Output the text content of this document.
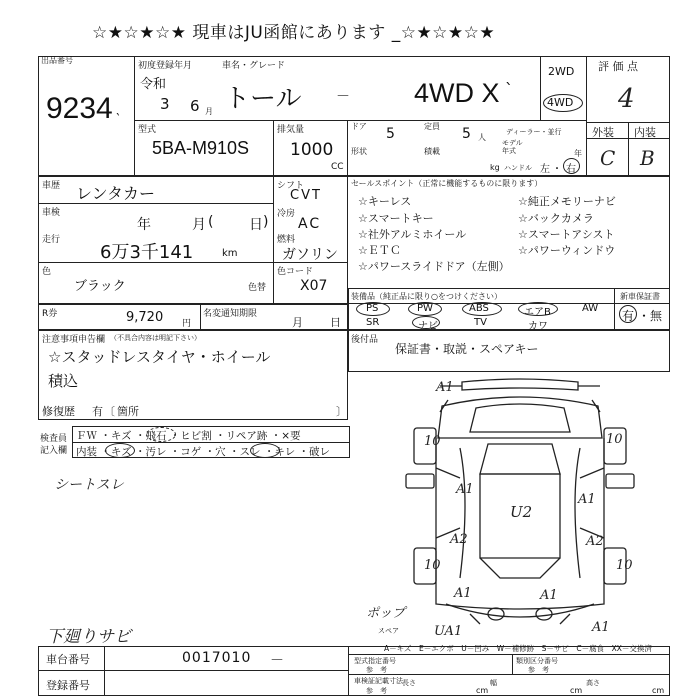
☆★☆★☆★ 現車はJU函館にあります _☆★☆★☆★
出品番号
9234 ˋ
初度登録年月
令和
3 6 月
車名・グレード
トール － 4WD X ˋ
2WD
4WD
評 価 点
4
外装 内装
C B
型式
5BA-M910S
排気量
1000
CC
ドア 5	定員 5 人
ディーラー・並行
モデル年式	年
形状	積載
kg ハンドル 左 ・ 右
車歴 レンタカー
車検
年	月 (	日 )
走行
6万3千141	km
シフト
CVT
冷房
AC
燃料
ガソリン
色
ブラック	色替
色コード
X07
セールスポイント（正常に機能するものに限ります）
☆キーレス	☆純正メモリーナビ
☆スマートキー	☆バックカメラ
☆社外アルミホイール	☆スマートアシスト
☆ＥＴＣ	☆パワーウィンドウ
☆パワースライドドア（左側）
R券	9,720 円
名変通知期限
月 日
装備品（純正品に限り○をつけください）
PS	PW	ABS	エアB	AW
SR	ナビ	TV	カワ
新車保証書
有 ・ 無
注意事項申告欄 （不具合内容は明記下さい）
☆スタッドレスタイヤ・ホイール
積込
修復歴 有 〔 箇所	〕
後付品
保証書・取説・スペアキー
検査員
記入欄
ＦＷ ・キズ ・飛石 ・ヒビ割 ・リペア跡 ・×要
内装 ・キズ ・汚レ ・コゲ ・穴 ・スレ ・キレ ・破レ
シートスレ
下廻りサビ
A1
10	10
A1
A1
U2
A2	A2
10	10
A1	A1
UA1	A1
ポップ
スペア
A－キズ　E－エクボ　U－凹み　W－補修跡　S－サビ　C－腐食　XX－交換済
車台番号	0017010 －
登録番号
型式指定番号
参　考
類別区分番号
参　考
車検証記載寸法
参　考
長さ
cm
幅
cm
高さ
cm
